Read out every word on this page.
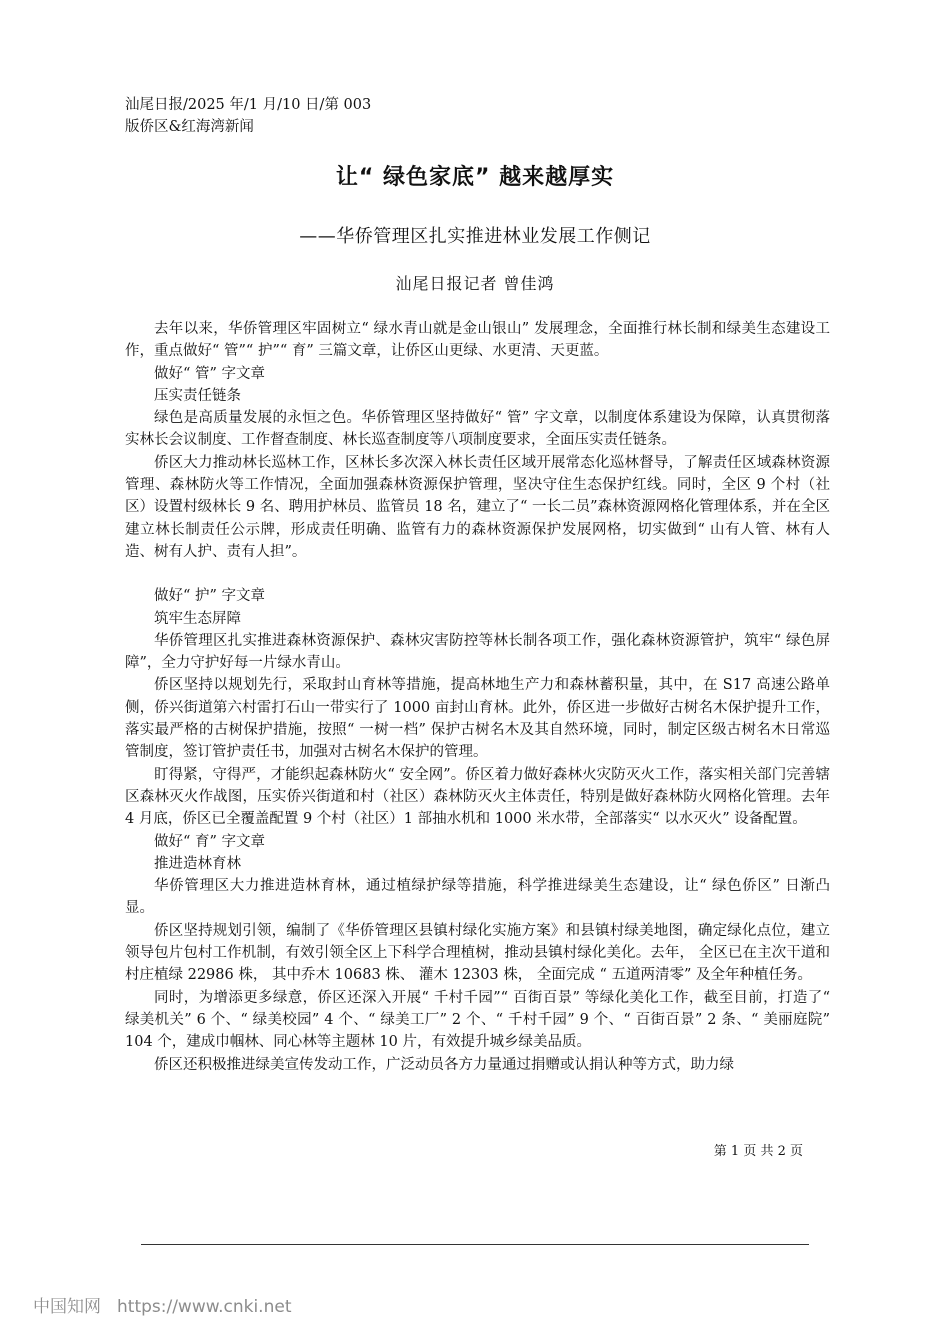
汕尾日报/2025 年/1 月/10 日/第 003
版侨区&红海湾新闻
让“ 绿色家底” 越来越厚实
——华侨管理区扎实推进林业发展工作侧记
汕尾日报记者 曾佳鸿

去年以来，华侨管理区牢固树立“ 绿水青山就是金山银山” 发展理念，全面推行林长制和绿美生态建设工作，重点做好“ 管”“ 护”“ 育” 三篇文章，让侨区山更绿、水更清、天更蓝。

做好“ 管” 字文章

压实责任链条

绿色是高质量发展的永恒之色。华侨管理区坚持做好“ 管” 字文章，以制度体系建设为保障，认真贯彻落实林长会议制度、工作督查制度、林长巡查制度等八项制度要求，全面压实责任链条。

侨区大力推动林长巡林工作，区林长多次深入林长责任区域开展常态化巡林督导，了解责任区域森林资源管理、森林防火等工作情况，全面加强森林资源保护管理，坚决守住生态保护红线。同时，全区 9 个村（社区）设置村级林长 9 名、聘用护林员、监管员 18 名，建立了“ 一长二员”森林资源网格化管理体系，并在全区建立林长制责任公示牌，形成责任明确、监管有力的森林资源保护发展网格，切实做到“ 山有人管、林有人造、树有人护、责有人担”。

做好“ 护” 字文章

筑牢生态屏障

华侨管理区扎实推进森林资源保护、森林灾害防控等林长制各项工作，强化森林资源管护，筑牢“ 绿色屏障”，全力守护好每一片绿水青山。

侨区坚持以规划先行，采取封山育林等措施，提高林地生产力和森林蓄积量，其中，在 S17 高速公路单侧，侨兴街道第六村雷打石山一带实行了 1000 亩封山育林。此外，侨区进一步做好古树名木保护提升工作，落实最严格的古树保护措施，按照“ 一树一档” 保护古树名木及其自然环境，同时，制定区级古树名木日常巡管制度，签订管护责任书，加强对古树名木保护的管理。

盯得紧，守得严，才能织起森林防火“ 安全网”。侨区着力做好森林火灾防灭火工作，落实相关部门完善辖区森林灭火作战图，压实侨兴街道和村（社区）森林防灭火主体责任，特别是做好森林防火网格化管理。去年 4 月底，侨区已全覆盖配置 9 个村（社区）1 部抽水机和 1000 米水带，全部落实“ 以水灭火” 设备配置。

做好“ 育” 字文章

推进造林育林

华侨管理区大力推进造林育林，通过植绿护绿等措施，科学推进绿美生态建设，让“ 绿色侨区” 日渐凸显。

侨区坚持规划引领，编制了《华侨管理区县镇村绿化实施方案》和县镇村绿美地图，确定绿化点位，建立领导包片包村工作机制，有效引领全区上下科学合理植树，推动县镇村绿化美化。去年， 全区已在主次干道和村庄植绿 22986 株， 其中乔木 10683 株、 灌木 12303 株， 全面完成 “ 五道两清零” 及全年种植任务。

同时，为增添更多绿意，侨区还深入开展“ 千村千园”“ 百街百景” 等绿化美化工作，截至目前，打造了“ 绿美机关” 6 个、“ 绿美校园” 4 个、“ 绿美工厂” 2 个、“ 千村千园” 9 个、“ 百街百景” 2 条、“ 美丽庭院” 104 个，建成巾帼林、同心林等主题林 10 片，有效提升城乡绿美品质。

侨区还积极推进绿美宣传发动工作，广泛动员各方力量通过捐赠或认捐认种等方式，助力绿

第 1 页 共 2 页
中国知网 https://www.cnki.net
